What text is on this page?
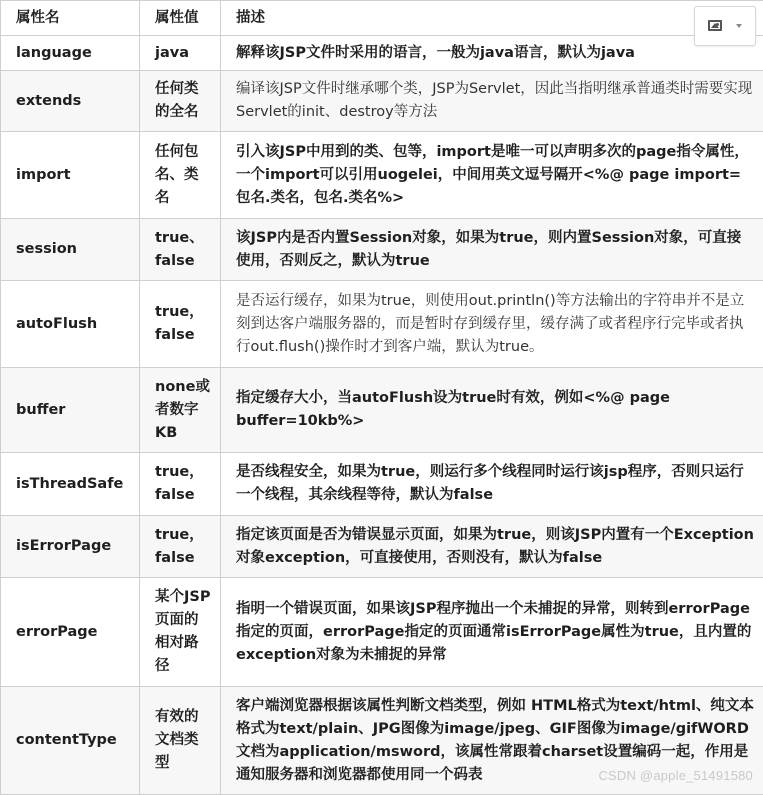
属性名	属性值	描述
language	java	解释该JSP文件时采用的语言，一般为java语言，默认为java
extends	任何类的全名	编译该JSP文件时继承哪个类，JSP为Servlet，因此当指明继承普通类时需要实现Servlet的init、destroy等方法
import	任何包名、类名	引入该JSP中用到的类、包等，import是唯一可以声明多次的page指令属性，一个import可以引用uogelei，中间用英文逗号隔开<%@ page import=包名.类名，包名.类名%>
session	true、false	该JSP内是否内置Session对象，如果为true，则内置Session对象，可直接使用，否则反之，默认为true
autoFlush	true，false	是否运行缓存，如果为true，则使用out.println()等方法输出的字符串并不是立刻到达客户端服务器的，而是暂时存到缓存里，缓存满了或者程序行完毕或者执行out.flush()操作时才到客户端，默认为true。
buffer	none或者数字KB	指定缓存大小，当autoFlush设为true时有效，例如<%@ page buffer=10kb%>
isThreadSafe	true，false	是否线程安全，如果为true，则运行多个线程同时运行该jsp程序，否则只运行一个线程，其余线程等待，默认为false
isErrorPage	true，false	指定该页面是否为错误显示页面，如果为true，则该JSP内置有一个Exception对象exception，可直接使用，否则没有，默认为false
errorPage	某个JSP页面的相对路径	指明一个错误页面，如果该JSP程序抛出一个未捕捉的异常，则转到errorPage指定的页面，errorPage指定的页面通常isErrorPage属性为true，且内置的exception对象为未捕捉的异常
contentType	有效的文档类型	客户端浏览器根据该属性判断文档类型，例如 HTML格式为text/html、纯文本格式为text/plain、JPG图像为image/jpeg、GIF图像为image/gifWORD文档为application/msword，该属性常跟着charset设置编码一起，作用是通知服务器和浏览器都使用同一个码表	CSDN @apple_51491580
